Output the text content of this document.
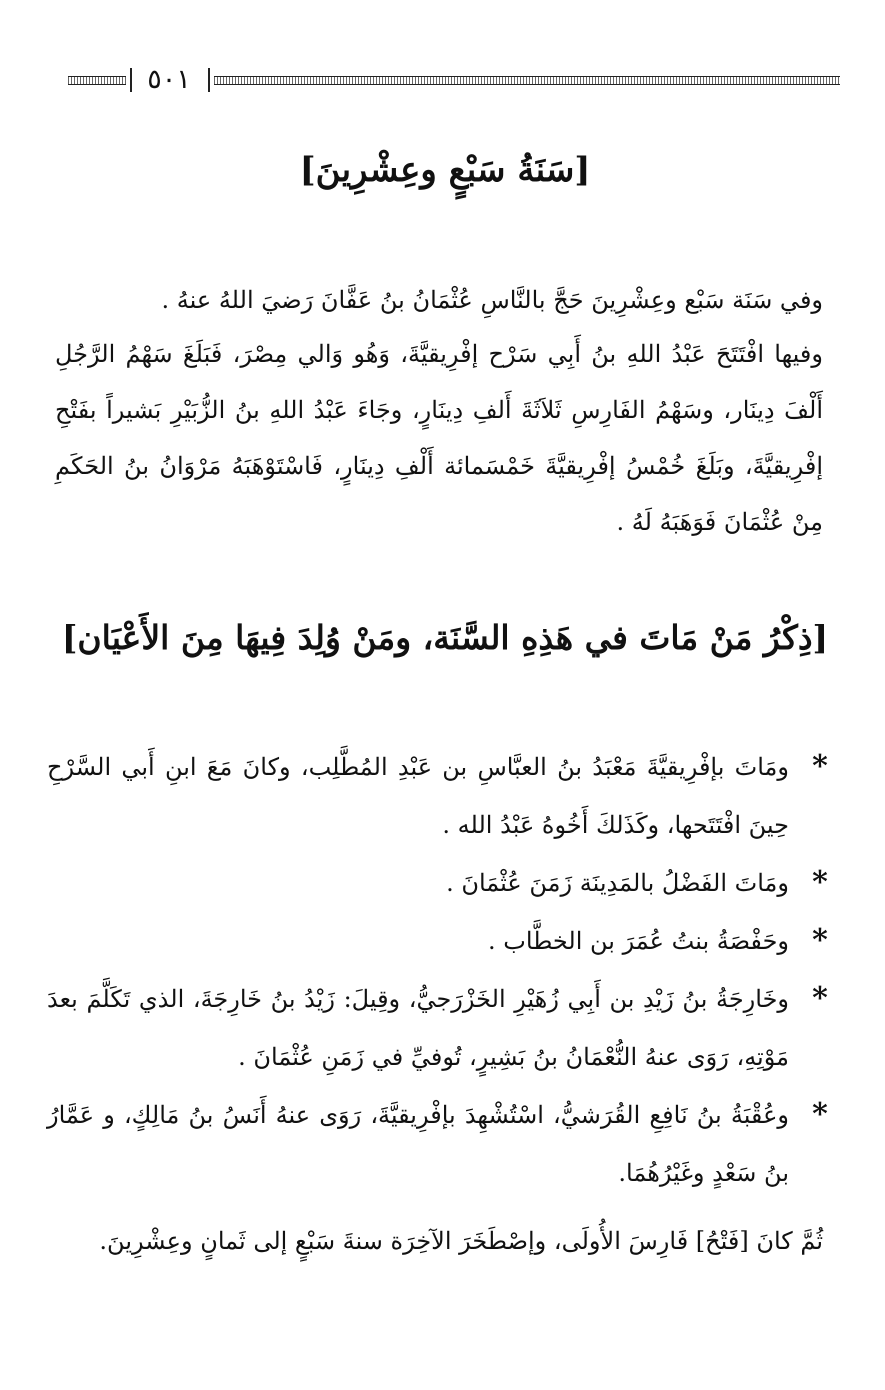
٥٠١
[سَنَةُ سَبْعٍ وعِشْرِينَ]

وفي سَنَة سَبْع وعِشْرِينَ حَجَّ بالنَّاسِ عُثْمَانُ بنُ عَفَّانَ رَضيَ اللهُ عنهُ .

وفيها افْتَتَحَ عَبْدُ اللهِ بنُ أَبِي سَرْح إفْرِيقيَّةَ، وَهُو وَالي مِصْرَ، فَبَلَغَ سَهْمُ الرَّجُلِ أَلْفَ دِينَار، وسَهْمُ الفَارِسِ ثَلاَثَةَ أَلفِ دِينَارٍ، وجَاءَ عَبْدُ اللهِ بنُ الزُّبَيْرِ بَشيراً بفَتْحِ إفْرِيقيَّةَ، وبَلَغَ خُمْسُ إفْرِيقيَّةَ خَمْسَمائة أَلْفِ دِينَارٍ، فَاسْتَوْهَبَهُ مَرْوَانُ بنُ الحَكَمِ مِنْ عُثْمَانَ فَوَهَبَهُ لَهُ .

[ذِكْرُ مَنْ مَاتَ في هَذِهِ السَّنَة، ومَنْ وُلِدَ فِيهَا مِنَ الأَعْيَان]
*
ومَاتَ بإفْرِيقيَّةَ مَعْبَدُ بنُ العبَّاسِ بن عَبْدِ المُطَّلِب، وكانَ مَعَ ابنِ أَبي السَّرْحِ حِينَ افْتَتَحها، وكَذَلكَ أَخُوهُ عَبْدُ الله .
*
ومَاتَ الفَضْلُ بالمَدِينَة زَمَنَ عُثْمَانَ .
*
وحَفْصَةُ بنتُ عُمَرَ بن الخطَّاب .
*
وخَارِجَةُ بنُ زَيْدِ بن أَبِي زُهَيْرِ الخَزْرَجيُّ، وقِيلَ: زَيْدُ بنُ خَارِجَةَ، الذي تَكَلَّمَ بعدَ مَوْتِهِ، رَوَى عنهُ النُّعْمَانُ بنُ بَشِيرٍ، تُوفيِّ في زَمَنِ عُثْمَانَ .
*
وعُقْبَةُ بنُ نَافِعِ القُرَشيُّ، اسْتُشْهِدَ بإفْرِيقيَّةَ، رَوَى عنهُ أَنَسُ بنُ مَالِكٍ، و عَمَّارُ بنُ سَعْدٍ وغَيْرُهُمَا.

ثُمَّ كانَ [فَتْحُ] فَارِسَ الأُولَى، وإصْطَخَرَ الآخِرَة سنةَ سَبْعٍ إلى ثَمانٍ وعِشْرِينَ.
